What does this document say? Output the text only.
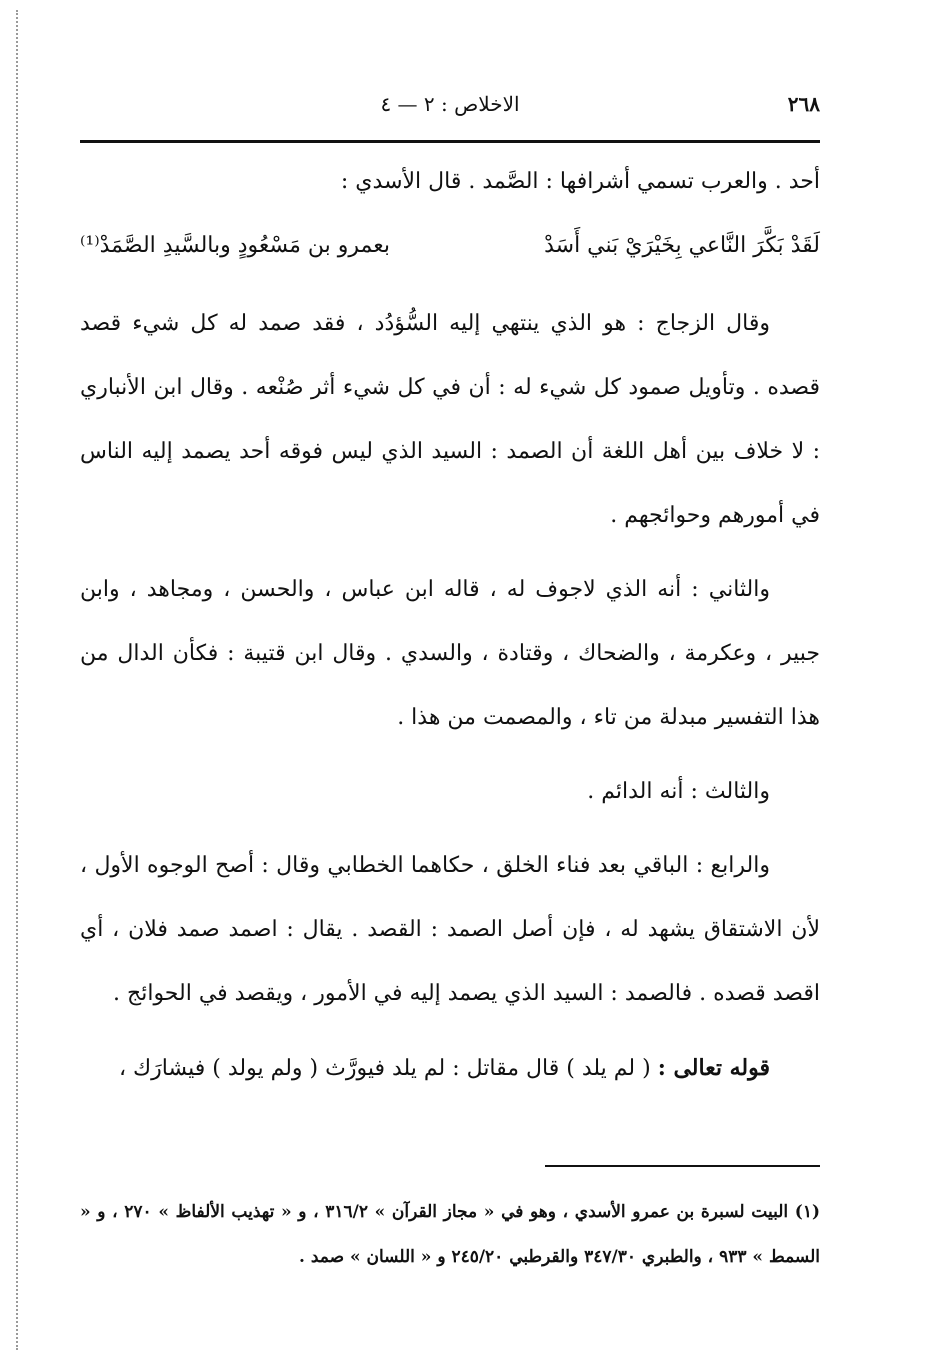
٢٦٨
الاخلاص : ٢ — ٤

أحد . والعرب تسمي أشرافها : الصَّمد . قال الأسدي :

لَقَدْ بَكَّرَ النَّاعي بِخَيْرَيْ بَني أَسَدْ
بعمرو بن مَسْعُودٍ وبالسَّيدِ الصَّمَدْ⁽¹⁾

وقال الزجاج : هو الذي ينتهي إليه السُّؤدُد ، فقد صمد له كل شيء قصد قصده . وتأويل صمود كل شيء له : أن في كل شيء أثر صُنْعه . وقال ابن الأنباري : لا خلاف بين أهل اللغة أن الصمد : السيد الذي ليس فوقه أحد يصمد إليه الناس في أمورهم وحوائجهم .

والثاني : أنه الذي لاجوف له ، قاله ابن عباس ، والحسن ، ومجاهد ، وابن جبير ، وعكرمة ، والضحاك ، وقتادة ، والسدي . وقال ابن قتيبة : فكأن الدال من هذا التفسير مبدلة من تاء ، والمصمت من هذا .

والثالث : أنه الدائم .

والرابع : الباقي بعد فناء الخلق ، حكاهما الخطابي وقال : أصح الوجوه الأول ، لأن الاشتقاق يشهد له ، فإن أصل الصمد : القصد . يقال : اصمد صمد فلان ، أي اقصد قصده . فالصمد : السيد الذي يصمد إليه في الأمور ، ويقصد في الحوائج .

قوله تعالى : ( لم يلد ) قال مقاتل : لم يلد فيورَّث ( ولم يولد ) فيشارَك ،

(١) البيت لسبرة بن عمرو الأسدي ، وهو في « مجاز القرآن » ٣١٦/٢ ، و « تهذيب الألفاظ » ٢٧٠ ، و « السمط » ٩٣٣ ، والطبري ٣٤٧/٣٠ والقرطبي ٢٤٥/٢٠ و « اللسان » صمد .
